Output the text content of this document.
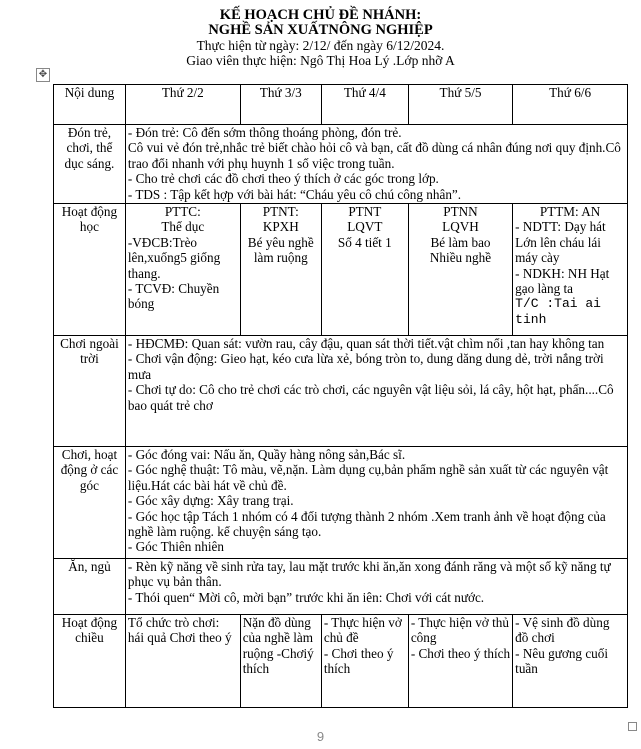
KẾ HOẠCH CHỦ ĐỀ NHÁNH:
NGHỀ SẢN XUẤTNÔNG NGHIỆP
Thực hiện từ ngày: 2/12/ đến ngày 6/12/2024.
Giao viên thực hiện: Ngô Thị Hoa Lý .Lớp nhỡ A
✥
Nội dung	Thứ 2/2	Thứ 3/3	Thứ 4/4	Thứ 5/5	Thứ 6/6
Đón trẻ, chơi, thể dục sáng.	- Đón trẻ: Cô đến sớm thông thoáng phòng, đón trẻ.
Cô vui vẻ đón trẻ,nhắc trẻ biết chào hỏi cô và bạn, cất đồ dùng cá nhân đúng nơi quy định.Cô trao đổi nhanh với phụ huynh 1 số việc trong tuần.
- Cho trẻ chơi các đồ chơi theo ý thích ở các góc trong lớp.
- TDS : Tập kết hợp với bài hát: “Cháu yêu cô chú công nhân”.				

Hoạt động học	PTTC:
Thể dục
-VĐCB:Trèo lên,xuống5 giống thang.
- TCVĐ: Chuyền bóng	PTNT:
KPXH
Bé yêu nghề làm ruộng	PTNT
LQVT
Số 4 tiết 1	PTNN
LQVH
Bé làm bao
Nhiều nghề	PTTM: AN
- NDTT: Dạy hát Lớn lên cháu lái máy cày
- NDKH: NH Hạt gạo làng ta
T/C :Tai ai tinh

Chơi ngoài trời	- HĐCMĐ: Quan sát: vườn rau, cây đậu, quan sát thời tiết.vật chìm nổi ,tan hay không tan
- Chơi vận động: Gieo hạt, kéo cưa lừa xẻ, bóng tròn to, dung dăng dung dẻ, trời nắng trời mưa
- Chơi tự do: Cô cho trẻ chơi các trò chơi, các nguyên vật liệu sỏi, lá cây, hột hạt, phấn....Cô bao quát trẻ chơ				

Chơi, hoạt động ở các góc	- Góc đóng vai: Nấu ăn, Quầy hàng nông sản,Bác sĩ.
- Góc nghệ thuật: Tô màu, vẽ,nặn. Làm dụng cụ,bản phẩm nghề sản xuất từ các nguyên vật liệu.Hát các bài hát về chủ đề.
- Góc xây dựng: Xây trang trại.
- Góc học tập Tách 1 nhóm có 4 đối tượng thành 2 nhóm .Xem tranh ảnh về hoạt động của nghề làm ruộng. kể chuyện sáng tạo.
- Góc Thiên nhiên				

Ăn, ngủ	- Rèn kỹ năng về sinh rửa tay, lau mặt trước khi ăn,ăn xong đánh răng và một số kỹ năng tự phục vụ bản thân.
- Thói quen“ Mời cô, mời bạn” trước khi ăn iên: Chơi với cát nước.				

Hoạt động chiều	Tổ chức trò chơi: hái quả Chơi theo ý	Nặn đồ dùng của nghề làm ruộng -Chơiý thích	- Thực hiện vở chủ đề
- Chơi theo ý thích	- Thực hiện vở thủ công
- Chơi theo ý thích	- Vệ sinh đồ dùng đồ chơi
- Nêu gương cuối tuần
9
